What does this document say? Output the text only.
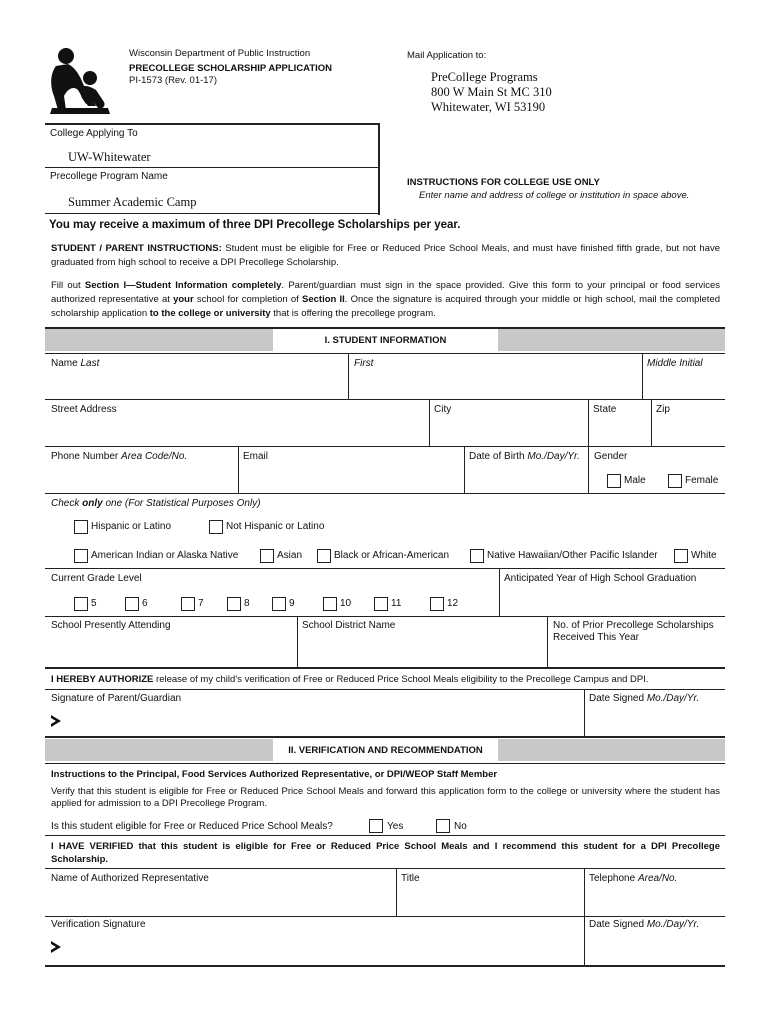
Wisconsin Department of Public Instruction
PRECOLLEGE SCHOLARSHIP APPLICATION
PI-1573 (Rev. 01-17)
Mail Application to:
PreCollege Programs
800 W Main St MC 310
Whitewater, WI 53190
College Applying To
UW-Whitewater
Precollege Program Name
Summer Academic Camp
INSTRUCTIONS FOR COLLEGE USE ONLY
Enter name and address of college or institution in space above.
You may receive a maximum of three DPI Precollege Scholarships per year.
STUDENT / PARENT INSTRUCTIONS: Student must be eligible for Free or Reduced Price School Meals, and must have finished fifth grade, but not have graduated from high school to receive a DPI Precollege Scholarship.
Fill out Section I—Student Information completely. Parent/guardian must sign in the space provided. Give this form to your principal or food services authorized representative at your school for completion of Section II. Once the signature is acquired through your middle or high school, mail the completed scholarship application to the college or university that is offering the precollege program.
I. STUDENT INFORMATION
Name Last	First	Middle Initial
Street Address	City	State	Zip
Phone Number Area Code/No.	Email	Date of Birth Mo./Day/Yr. Gender
Male	Female
Check only one (For Statistical Purposes Only)
Hispanic or Latino	Not Hispanic or Latino
American Indian or Alaska Native	Asian	Black or African-American	Native Hawaiian/Other Pacific Islander	White
Current Grade Level	Anticipated Year of High School Graduation
5	6	7	8	9	10	11	12
School Presently Attending	School District Name	No. of Prior Precollege Scholarships
Received This Year
I HEREBY AUTHORIZE release of my child’s verification of Free or Reduced Price School Meals eligibility to the Precollege Campus and DPI.
Signature of Parent/Guardian	Date Signed Mo./Day/Yr.
II. VERIFICATION AND RECOMMENDATION
Instructions to the Principal, Food Services Authorized Representative, or DPI/WEOP Staff Member
Verify that this student is eligible for Free or Reduced Price School Meals and forward this application form to the college or university where the student has applied for admission to a DPI Precollege Program.
Is this student eligible for Free or Reduced Price School Meals?	Yes	No
I HAVE VERIFIED that this student is eligible for Free or Reduced Price School Meals and I recommend this student for a DPI Precollege Scholarship.
Name of Authorized Representative	Title	Telephone Area/No.
Verification Signature	Date Signed Mo./Day/Yr.
